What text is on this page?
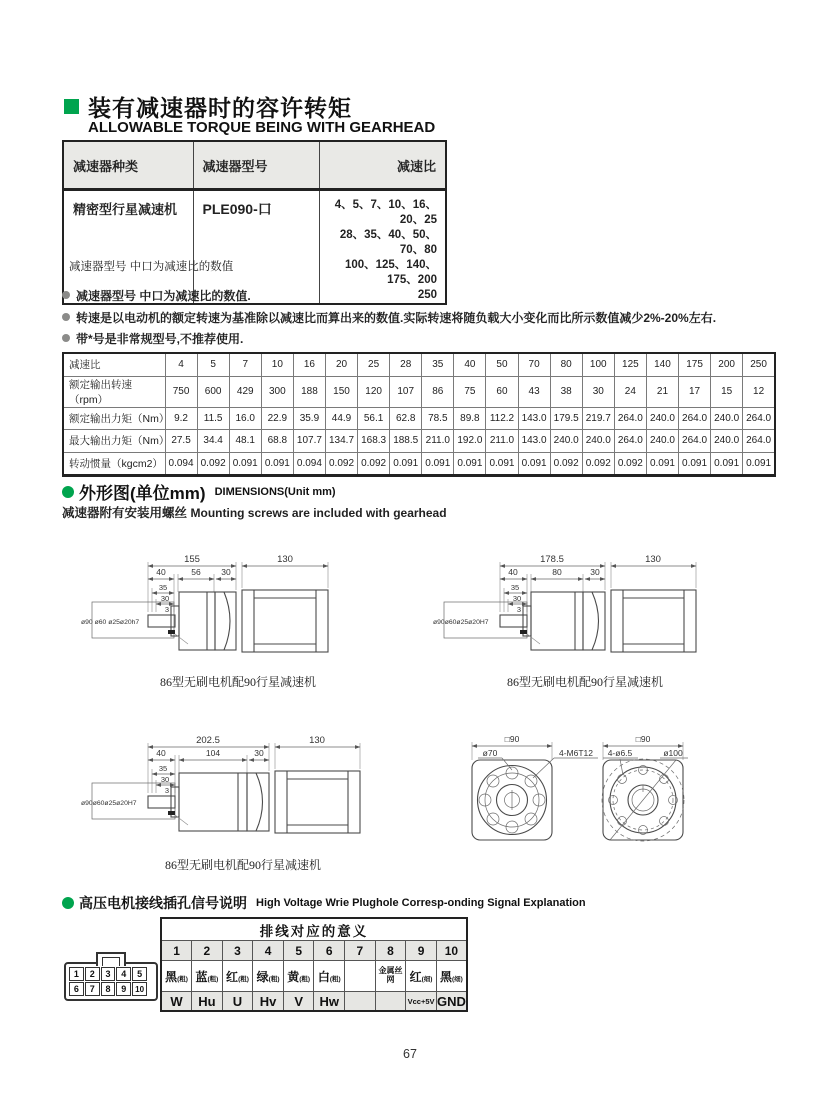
装有减速器时的容许转矩
ALLOWABLE TORQUE BEING WITH GEARHEAD
减速器种类	减速器型号	减速比
精密型行星减速机	PLE090-口	4、5、7、10、16、20、25
28、35、40、50、70、80
100、125、140、175、200
250
减速器型号 中口为减速比的数值
减速器型号 中口为减速比的数值.
转速是以电动机的额定转速为基准除以减速比而算出来的数值.实际转速将随负载大小变化而比所示数值减少2%-20%左右.
带*号是非常规型号,不推荐使用.
减速比	4	5	7	10	16	20	25	28	35	40	50	70	80	100	125	140	175	200	250
额定输出转速（rpm）	750	600	429	300	188	150	120	107	86	75	60	43	38	30	24	21	17	15	12
额定输出力矩（Nm）	9.2	11.5	16.0	22.9	35.9	44.9	56.1	62.8	78.5	89.8	112.2	143.0	179.5	219.7	264.0	240.0	264.0	240.0	264.0
最大输出力矩（Nm）	27.5	34.4	48.1	68.8	107.7	134.7	168.3	188.5	211.0	192.0	211.0	143.0	240.0	240.0	264.0	240.0	264.0	240.0	264.0
转动惯量（kgcm2）	0.094	0.092	0.091	0.091	0.094	0.092	0.092	0.091	0.091	0.091	0.091	0.091	0.092	0.092	0.092	0.091	0.091	0.091	0.091
外形图(单位mm) DIMENSIONS(Unit mm)
减速器附有安装用螺丝 Mounting screws are included with gearhead
155	130
40	56 30
35
30
3
ø90 ø60 ø25ø20h7
86型无刷电机配90行星减速机
178.5	130
40	80	30
35
30
3
ø90ø60ø25ø20H7
86型无刷电机配90行星减速机
202.5	130
40	104	30
35
30
3
ø90ø60ø25ø20H7
86型无刷电机配90行星减速机
□90
ø70	4-M6T12
□90
4-ø6.5	ø100
高压电机接线插孔信号说明 High Voltage Wrie Plughole Corresp-onding Signal Explanation
1	2	3	4	5
6	7	8	9	10
排线对应的意义									
1	2	3	4	5	6	7	8	9	10
黑(粗)	蓝(粗)	红(粗)	绿(粗)	黄(粗)	白(粗)		金属丝网	红(细)	黑(细)
W	Hu	U	Hv	V	Hw			Vcc+5V	GND
67
